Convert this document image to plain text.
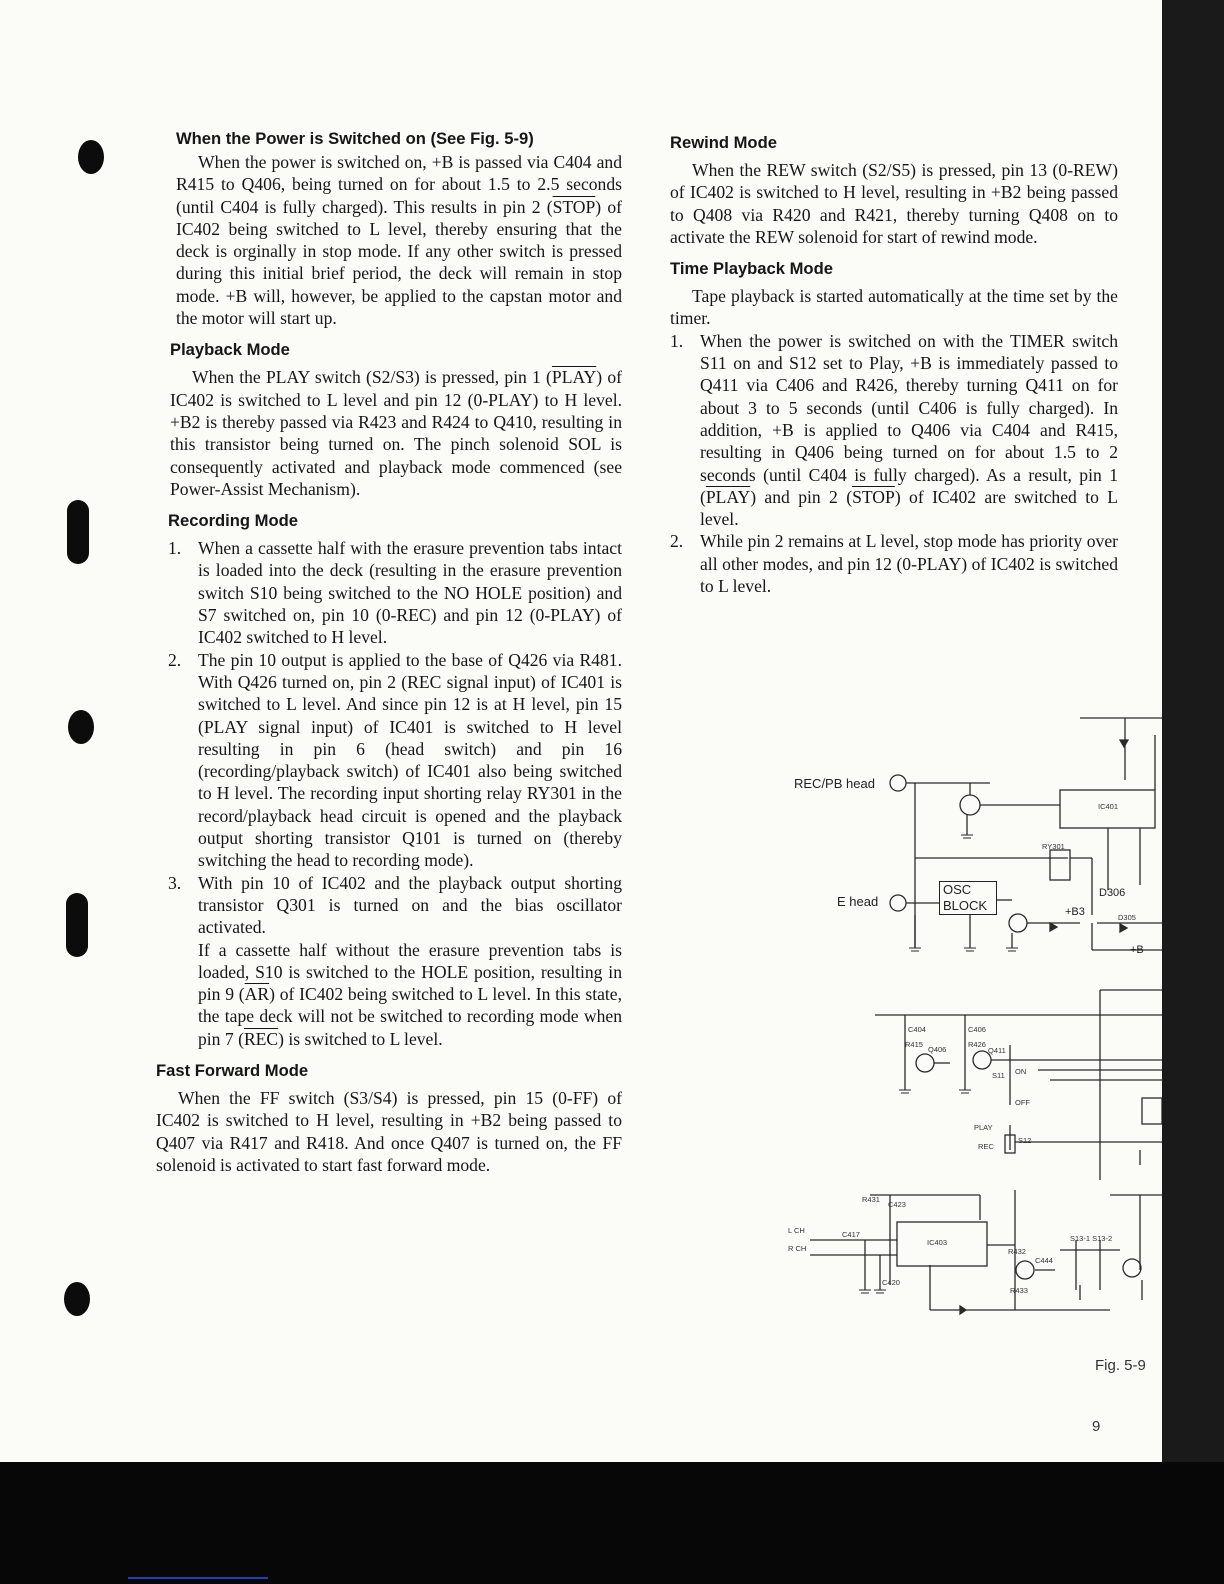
When the Power is Switched on (See Fig. 5-9)

When the power is switched on, +B is passed via C404 and R415 to Q406, being turned on for about 1.5 to 2.5 seconds (until C404 is fully charged). This results in pin 2 (STOP) of IC402 being switched to L level, thereby ensuring that the deck is orginally in stop mode. If any other switch is pressed during this initial brief period, the deck will remain in stop mode. +B will, however, be applied to the capstan motor and the motor will start up.

Playback Mode

When the PLAY switch (S2/S3) is pressed, pin 1 (PLAY) of IC402 is switched to L level and pin 12 (0-PLAY) to H level. +B2 is thereby passed via R423 and R424 to Q410, resulting in this transistor being turned on. The pinch solenoid SOL is consequently activated and playback mode commenced (see Power-Assist Mechanism).

Recording Mode
1. When a cassette half with the erasure prevention tabs intact is loaded into the deck (resulting in the erasure prevention switch S10 being switched to the NO HOLE position) and S7 switched on, pin 10 (0-REC) and pin 12 (0-PLAY) of IC402 switched to H level.
2. The pin 10 output is applied to the base of Q426 via R481. With Q426 turned on, pin 2 (REC signal input) of IC401 is switched to L level. And since pin 12 is at H level, pin 15 (PLAY signal input) of IC401 is switched to H level resulting in pin 6 (head switch) and pin 16 (recording/playback switch) of IC401 also being switched to H level. The recording input shorting relay RY301 in the record/playback head circuit is opened and the playback output shorting transistor Q101 is turned on (thereby switching the head to recording mode).
3. With pin 10 of IC402 and the playback output shorting transistor Q301 is turned on and the bias oscillator activated.

If a cassette half without the erasure prevention tabs is loaded, S10 is switched to the HOLE position, resulting in pin 9 $(\overline{AR})$ of IC402 being switched to L level. In this state, the tape deck will not be switched to recording mode when pin 7 $(\overline{REC})$ is switched to L level.

Fast Forward Mode

When the FF switch (S3/S4) is pressed, pin 15 (0-FF) of IC402 is switched to H level, resulting in +B2 being passed to Q407 via R417 and R418. And once Q407 is turned on, the FF solenoid is activated to start fast forward mode.

Rewind Mode

When the REW switch (S2/S5) is pressed, pin 13 (0-REW) of IC402 is switched to H level, resulting in +B2 being passed to Q408 via R420 and R421, thereby turning Q408 on to activate the REW solenoid for start of rewind mode.

Time Playback Mode

Tape playback is started automatically at the time set by the timer.

1. When the power is switched on with the TIMER switch S11 on and S12 set to Play, +B is immediately passed to Q411 via C406 and R426, thereby turning Q411 on for about 3 to 5 seconds (until C406 is fully charged). In addition, +B is applied to Q406 via C404 and R415, resulting in Q406 being turned on for about 1.5 to 2 seconds (until C404 is fully charged). As a result, pin 1 (PLAY) and pin 2 (STOP) of IC402 are switched to L level.
2. While pin 2 remains at L level, stop mode has priority over all other modes, and pin 12 (0-PLAY) of IC402 is switched to L level.
REC/PB head
E head
OSC
BLOCK
D306
+B3
RY301
IC401
D305
+B
C404	C406
R415	R426
Q406	Q411
S11 ON
OFF
PLAY
REC
S12
IC403
R431
C423
L CH
R CH
C417
C420
R432
R433
C444
S13-1 S13-2
Fig. 5-9
9
